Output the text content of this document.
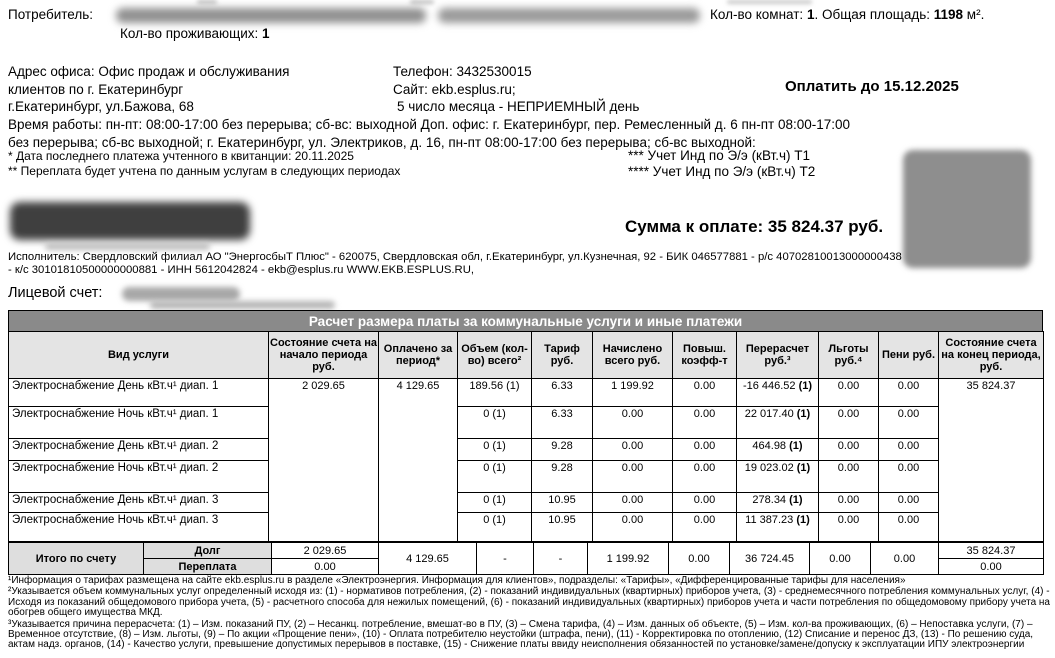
Потребитель:	Кол-во комнат: 1. Общая площадь: 1198 м².
Кол-во проживающих: 1
Адрес офиса: Офис продаж и обслуживания
клиентов по г. Екатеринбург
г.Екатеринбург, ул.Бажова, 68
Телефон: 3432530015
Сайт: ekb.esplus.ru;
5 число месяца - НЕПРИЕМНЫЙ день
Оплатить до 15.12.2025
Время работы: пн-пт: 08:00-17:00 без перерыва; сб-вс: выходной Доп. офис: г. Екатеринбург, пер. Ремесленный д. 6 пн-пт 08:00-17:00
без перерыва; сб-вс выходной; г. Екатеринбург, ул. Электриков, д. 16, пн-пт 08:00-17:00 без перерыва; сб-вс выходной:
* Дата последнего платежа учтенного в квитанции: 20.11.2025
** Переплата будет учтена по данным услугам в следующих периодах
*** Учет Инд по Э/э (кВт.ч) Т1
**** Учет Инд по Э/э (кВт.ч) Т2
Сумма к оплате: 35 824.37 руб.
Исполнитель: Свердловский филиал АО "ЭнергосбыТ Плюс" - 620075, Свердловская обл, г.Екатеринбург, ул.Кузнечная, 92 - БИК 046577881 - р/с 40702810013000000438
- к/с 30101810500000000881 - ИНН 5612042824 - ekb@esplus.ru WWW.EKB.ESPLUS.RU,
Лицевой счет:
Расчет размера платы за коммунальные услуги и иные платежи
Вид услуги	Состояние счета на начало периода руб.	Оплачено за период*	Объем (кол-во) всего²	Тариф руб.	Начислено всего руб.	Повыш. коэфф-т	Перерасчет руб.³	Льготы руб.⁴	Пени руб.	Состояние счета на конец периода, руб.
Электроснабжение День кВт.ч¹ диап. 1	2 029.65	4 129.65	189.56 (1)	6.33	1 199.92	0.00	-16 446.52 (1)	0.00	0.00	35 824.37
Электроснабжение Ночь кВт.ч¹ диап. 1			0 (1)	6.33	0.00	0.00	22 017.40 (1)	0.00	0.00	
Электроснабжение День кВт.ч¹ диап. 2			0 (1)	9.28	0.00	0.00	464.98 (1)	0.00	0.00	
Электроснабжение Ночь кВт.ч¹ диап. 2			0 (1)	9.28	0.00	0.00	19 023.02 (1)	0.00	0.00	
Электроснабжение День кВт.ч¹ диап. 3			0 (1)	10.95	0.00	0.00	278.34 (1)	0.00	0.00	
Электроснабжение Ночь кВт.ч¹ диап. 3			0 (1)	10.95	0.00	0.00	11 387.23 (1)	0.00	0.00	
Итого по счету	Долг	2 029.65	4 129.65	-	-	1 199.92	0.00	36 724.45	0.00	0.00	35 824.37
	Переплата	0.00									0.00

¹Информация о тарифах размещена на сайте ekb.esplus.ru в разделе «Электроэнергия. Информация для клиентов», подразделы: «Тарифы», «Дифференцированные тарифы для населения»

²Указывается объем коммунальных услуг определенный исходя из: (1) - нормативов потребления, (2) - показаний индивидуальных (квартирных) приборов учета, (3) - среднемесячного потребления коммунальных услуг, (4) - Исходя из показаний общедомового прибора учета, (5) - расчетного способа для нежилых помещений, (6) - показаний индивидуальных (квартирных) приборов учета и части потребления по общедомовому прибору учета на обогрев общего имущества МКД.

³Указывается причина перерасчета: (1) – Изм. показаний ПУ, (2) – Несанкц. потребление, вмешат-во в ПУ, (3) – Смена тарифа, (4) – Изм. данных об объекте, (5) – Изм. кол-ва проживающих, (6) – Непоставка услуги, (7) – Временное отсутствие, (8) – Изм. льготы, (9) – По акции «Прощение пени», (10) - Оплата потребителю неустойки (штрафа, пени), (11) - Корректировка по отоплению, (12) Списание и перенос ДЗ, (13) - По решению суда, актам надз. органов, (14) - Качество услуги, превышение допустимых перерывов в поставке, (15) - Снижение платы ввиду неисполнения обязанностей по установке/замене/допуску к эксплуатации ИПУ электроэнергии
